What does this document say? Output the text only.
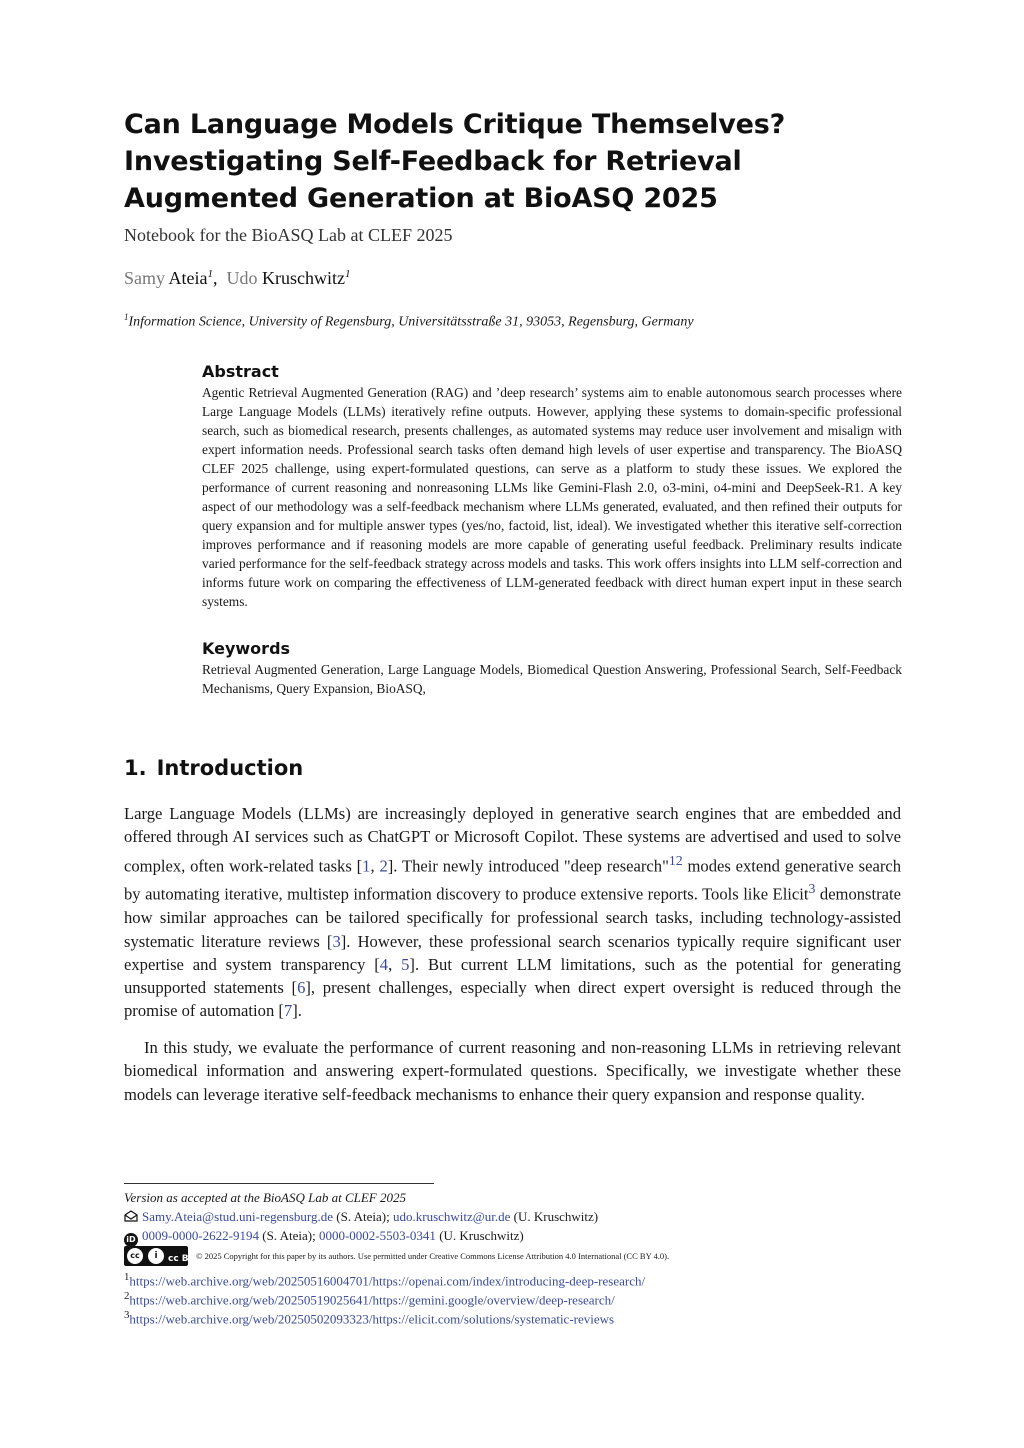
Can Language Models Critique Themselves? Investigating Self-Feedback for Retrieval Augmented Generation at BioASQ 2025
Notebook for the BioASQ Lab at CLEF 2025
Samy Ateia$^1$,  Udo Kruschwitz$^1$
$^1$Information Science, University of Regensburg, Universitätsstraße 31, 93053, Regensburg, Germany
Abstract

Agentic Retrieval Augmented Generation (RAG) and ’deep research’ systems aim to enable autonomous search processes where Large Language Models (LLMs) iteratively refine outputs. However, applying these systems to domain-specific professional search, such as biomedical research, presents challenges, as automated systems may reduce user involvement and misalign with expert information needs. Professional search tasks often demand high levels of user expertise and transparency. The BioASQ CLEF 2025 challenge, using expert-formulated questions, can serve as a platform to study these issues. We explored the performance of current reasoning and nonreasoning LLMs like Gemini-Flash 2.0, o3-mini, o4-mini and DeepSeek-R1. A key aspect of our methodology was a self-feedback mechanism where LLMs generated, evaluated, and then refined their outputs for query expansion and for multiple answer types (yes/no, factoid, list, ideal). We investigated whether this iterative self-correction improves performance and if reasoning models are more capable of generating useful feedback. Preliminary results indicate varied performance for the self-feedback strategy across models and tasks. This work offers insights into LLM self-correction and informs future work on comparing the effectiveness of LLM-generated feedback with direct human expert input in these search systems.

Keywords

Retrieval Augmented Generation, Large Language Models, Biomedical Question Answering, Professional Search, Self-Feedback Mechanisms, Query Expansion, BioASQ,

1. Introduction

Large Language Models (LLMs) are increasingly deployed in generative search engines that are embedded and offered through AI services such as ChatGPT or Microsoft Copilot. These systems are advertised and used to solve complex, often work-related tasks [1, 2]. Their newly introduced "deep research"$^{12}$ modes extend generative search by automating iterative, multistep information discovery to produce extensive reports. Tools like Elicit$^3$ demonstrate how similar approaches can be tailored specifically for professional search tasks, including technology-assisted systematic literature reviews [3]. However, these professional search scenarios typically require significant user expertise and system transparency [4, 5]. But current LLM limitations, such as the potential for generating unsupported statements [6], present challenges, especially when direct expert oversight is reduced through the promise of automation [7].

In this study, we evaluate the performance of current reasoning and non-reasoning LLMs in retrieving relevant biomedical information and answering expert-formulated questions. Specifically, we investigate whether these models can leverage iterative self-feedback mechanisms to enhance their query expansion and response quality.

Version as accepted at the BioASQ Lab at CLEF 2025
Samy.Ateia@stud.uni-regensburg.de (S. Ateia); udo.kruschwitz@ur.de (U. Kruschwitz)
iD 0009-0000-2622-9194 (S. Ateia); 0000-0002-5503-0341 (U. Kruschwitz)
cc	i	cc BY © 2025 Copyright for this paper by its authors. Use permitted under Creative Commons License Attribution 4.0 International (CC BY 4.0).
$^1$https://web.archive.org/web/20250516004701/https://openai.com/index/introducing-deep-research/
$^2$https://web.archive.org/web/20250519025641/https://gemini.google/overview/deep-research/
$^3$https://web.archive.org/web/20250502093323/https://elicit.com/solutions/systematic-reviews
